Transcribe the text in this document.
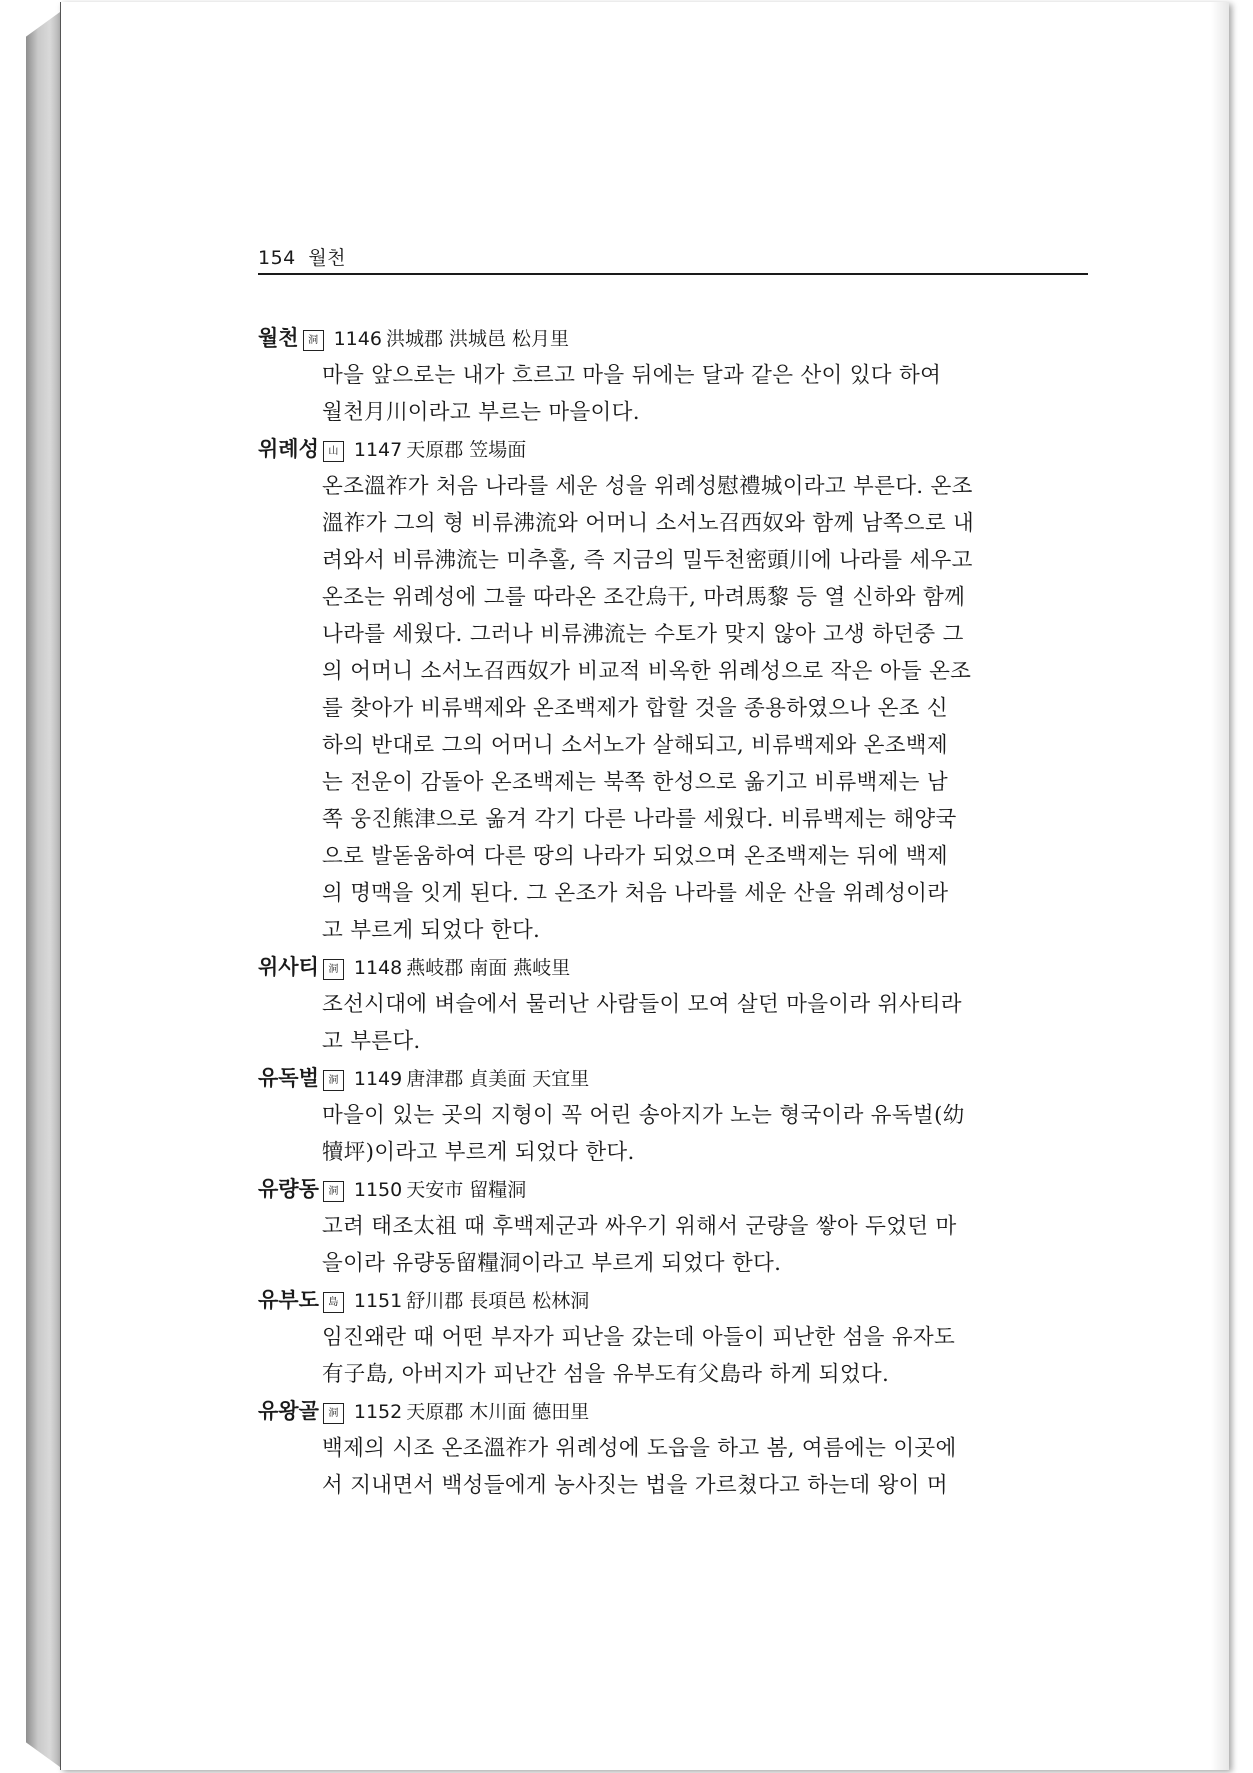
154 월천
월천 洞 1146 洪城郡 洪城邑 松月里
마을 앞으로는 내가 흐르고 마을 뒤에는 달과 같은 산이 있다 하여
월천月川이라고 부르는 마을이다.
위례성 山 1147 天原郡 笠場面
온조溫祚가 처음 나라를 세운 성을 위례성慰禮城이라고 부른다. 온조
溫祚가 그의 형 비류沸流와 어머니 소서노召西奴와 함께 남쪽으로 내
려와서 비류沸流는 미추홀, 즉 지금의 밀두천密頭川에 나라를 세우고
온조는 위례성에 그를 따라온 조간烏干, 마려馬黎 등 열 신하와 함께
나라를 세웠다. 그러나 비류沸流는 수토가 맞지 않아 고생 하던중 그
의 어머니 소서노召西奴가 비교적 비옥한 위례성으로 작은 아들 온조
를 찾아가 비류백제와 온조백제가 합할 것을 종용하였으나 온조 신
하의 반대로 그의 어머니 소서노가 살해되고, 비류백제와 온조백제
는 전운이 감돌아 온조백제는 북쪽 한성으로 옮기고 비류백제는 남
쪽 웅진熊津으로 옮겨 각기 다른 나라를 세웠다. 비류백제는 해양국
으로 발돋움하여 다른 땅의 나라가 되었으며 온조백제는 뒤에 백제
의 명맥을 잇게 된다. 그 온조가 처음 나라를 세운 산을 위례성이라
고 부르게 되었다 한다.
위사티 洞 1148 燕岐郡 南面 燕岐里
조선시대에 벼슬에서 물러난 사람들이 모여 살던 마을이라 위사티라
고 부른다.
유독벌 洞 1149 唐津郡 貞美面 天宜里
마을이 있는 곳의 지형이 꼭 어린 송아지가 노는 형국이라 유독벌(幼
犢坪)이라고 부르게 되었다 한다.
유량동 洞 1150 天安市 留糧洞
고려 태조太祖 때 후백제군과 싸우기 위해서 군량을 쌓아 두었던 마
을이라 유량동留糧洞이라고 부르게 되었다 한다.
유부도 島 1151 舒川郡 長項邑 松林洞
임진왜란 때 어떤 부자가 피난을 갔는데 아들이 피난한 섬을 유자도
有子島, 아버지가 피난간 섬을 유부도有父島라 하게 되었다.
유왕골 洞 1152 天原郡 木川面 德田里
백제의 시조 온조溫祚가 위례성에 도읍을 하고 봄, 여름에는 이곳에
서 지내면서 백성들에게 농사짓는 법을 가르쳤다고 하는데 왕이 머
